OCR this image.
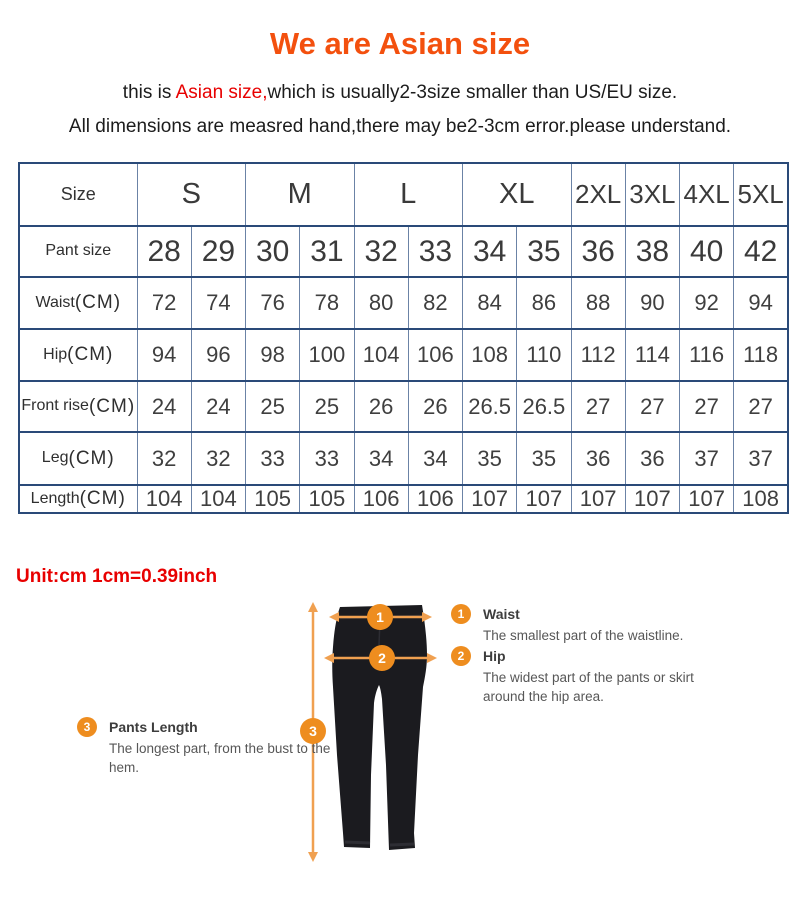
We are Asian size
this is Asian size,which is usually2-3size smaller than US/EU size.
All dimensions are measred hand,there may be2-3cm error.please understand.
Size	S		M		L		XL		2XL	3XL	4XL	5XL
Pant size	28	29	30	31	32	33	34	35	36	38	40	42
Waist(CM)	72	74	76	78	80	82	84	86	88	90	92	94
Hip(CM)	94	96	98	100	104	106	108	110	112	114	116	118
Front rise(CM)	24	24	25	25	26	26	26.5	26.5	27	27	27	27
Leg(CM)	32	32	33	33	34	34	35	35	36	36	37	37
Length(CM)	104	104	105	105	106	106	107	107	107	107	107	108
Unit:cm 1cm=0.39inch
1
2
3
1	Waist
The smallest part of the waistline.
2	Hip
The widest part of the pants or skirt around the hip area.
3	Pants Length
The longest part, from the bust to the hem.
